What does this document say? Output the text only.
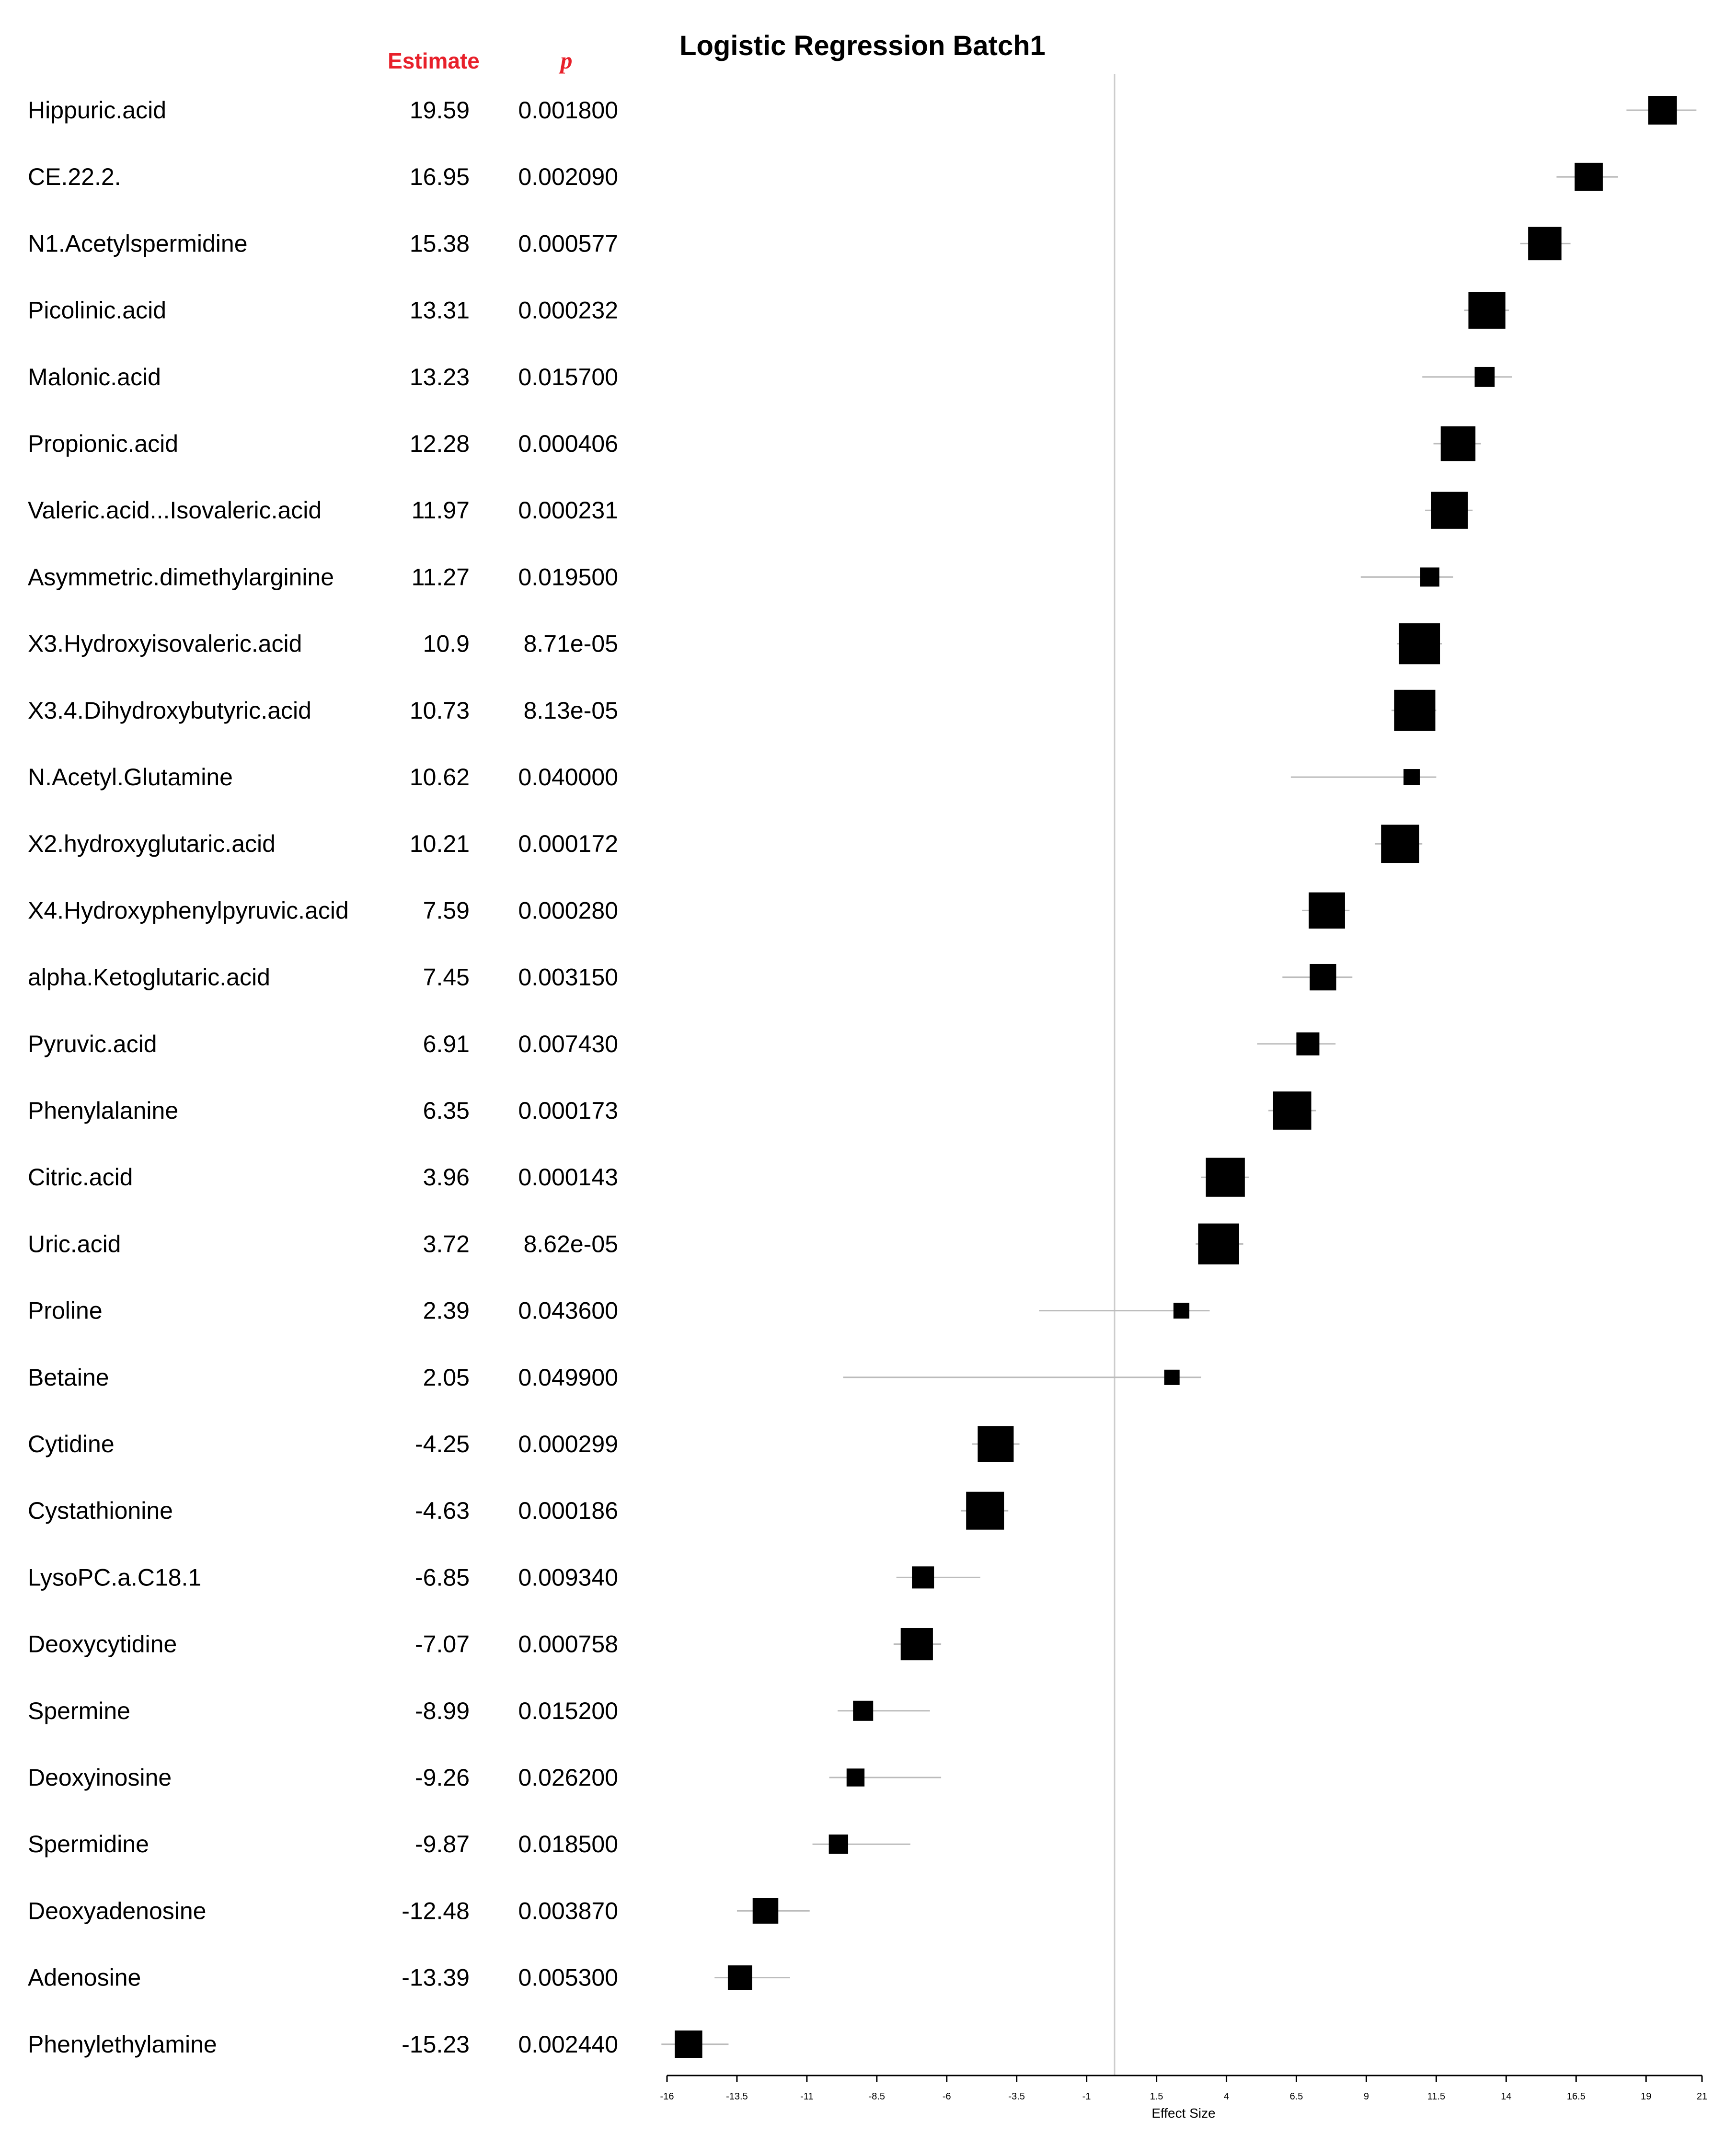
Logistic Regression Batch1
Estimate	p
Hippuric.acid	19.59 0.001800
CE.22.2.	16.95 0.002090
N1.Acetylspermidine	15.38 0.000577
Picolinic.acid	13.31 0.000232
Malonic.acid	13.23 0.015700
Propionic.acid	12.28 0.000406
Valeric.acid...Isovaleric.acid	11.97 0.000231
Asymmetric.dimethylarginine	11.27 0.019500
X3.Hydroxyisovaleric.acid	10.9 8.71e-05
X3.4.Dihydroxybutyric.acid	10.73 8.13e-05
N.Acetyl.Glutamine	10.62 0.040000
X2.hydroxyglutaric.acid	10.21 0.000172
X4.Hydroxyphenylpyruvic.acid	7.59 0.000280
alpha.Ketoglutaric.acid	7.45 0.003150
Pyruvic.acid	6.91 0.007430
Phenylalanine	6.35 0.000173
Citric.acid	3.96 0.000143
Uric.acid	3.72 8.62e-05
Proline	2.39 0.043600
Betaine	2.05 0.049900
Cytidine	-4.25 0.000299
Cystathionine	-4.63 0.000186
LysoPC.a.C18.1	-6.85 0.009340
Deoxycytidine	-7.07 0.000758
Spermine	-8.99 0.015200
Deoxyinosine	-9.26 0.026200
Spermidine	-9.87 0.018500
Deoxyadenosine	-12.48 0.003870
Adenosine	-13.39 0.005300
Phenylethylamine	-15.23 0.002440
-16	-13.5	-11	-8.5	-6	-3.5	-1	1.5	4	6.5	9	11.5	14	16.5	19	21
Effect Size
